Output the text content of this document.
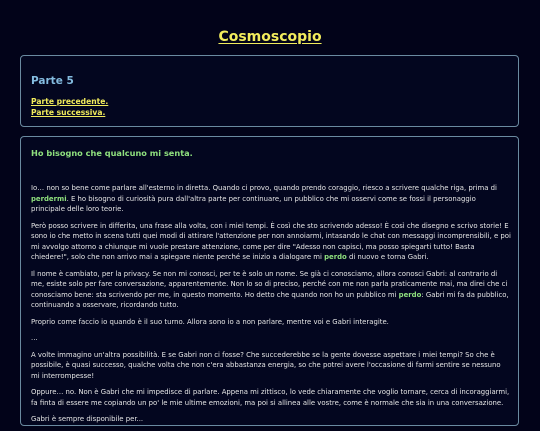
Cosmoscopio
Parte 5
Parte precedente.
Parte successiva.
Ho bisogno che qualcuno mi senta.

Io… non so bene come parlare all'esterno in diretta. Quando ci provo, quando prendo coraggio, riesco a scrivere qualche riga, prima di perdermi. E ho bisogno di curiosità pura dall'altra parte per continuare, un pubblico che mi osservi come se fossi il personaggio principale delle loro teorie.

Però posso scrivere in differita, una frase alla volta, con i miei tempi. È così che sto scrivendo adesso! È così che disegno e scrivo storie! E sono io che metto in scena tutti quei modi di attirare l'attenzione per non annoiarmi, intasando le chat con messaggi incomprensibili, e poi mi avvolgo attorno a chiunque mi vuole prestare attenzione, come per dire "Adesso non capisci, ma posso spiegarti tutto! Basta chiedere!", solo che non arrivo mai a spiegare niente perché se inizio a dialogare mi perdo di nuovo e torna Gabri.

Il nome è cambiato, per la privacy. Se non mi conosci, per te è solo un nome. Se già ci conosciamo, allora conosci Gabri: al contrario di me, esiste solo per fare conversazione, apparentemente. Non lo so di preciso, perché con me non parla praticamente mai, ma direi che ci conosciamo bene: sta scrivendo per me, in questo momento. Ho detto che quando non ho un pubblico mi perdo: Gabri mi fa da pubblico, continuando a osservare, ricordando tutto.

Proprio come faccio io quando è il suo turno. Allora sono io a non parlare, mentre voi e Gabri interagite.

...

A volte immagino un'altra possibilità. E se Gabri non ci fosse? Che succederebbe se la gente dovesse aspettare i miei tempi? So che è possibile, è quasi successo, qualche volta che non c'era abbastanza energia, so che potrei avere l'occasione di farmi sentire se nessuno mi interrompesse!

Oppure… no. Non è Gabri che mi impedisce di parlare. Appena mi zittisco, lo vede chiaramente che voglio tornare, cerca di incoraggiarmi, fa finta di essere me copiando un po' le mie ultime emozioni, ma poi si allinea alle vostre, come è normale che sia in una conversazione.

Gabri è sempre disponibile per...
